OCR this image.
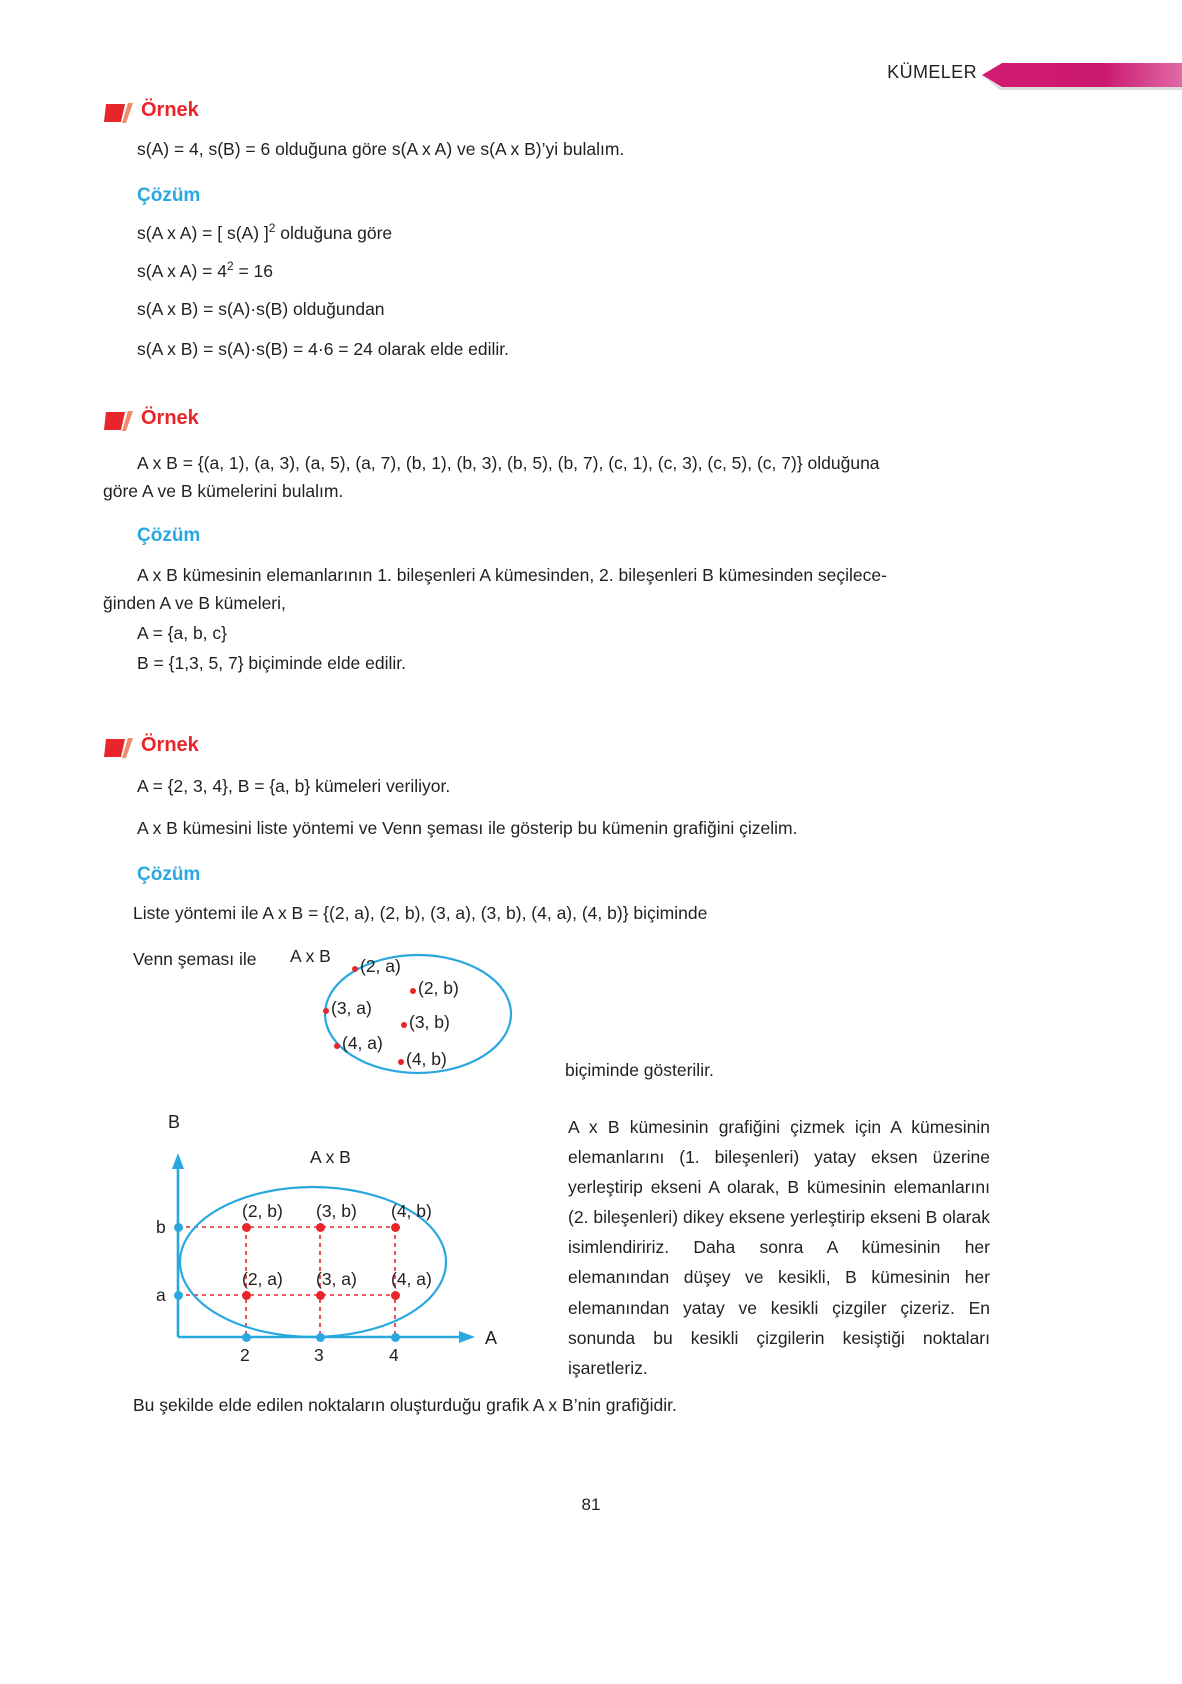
KÜMELER
Örnek
s(A) = 4, s(B) = 6 olduğuna göre s(A x A) ve s(A x B)’yi bulalım.
Çözüm
s(A x A) = [ s(A) ]$^2$ olduğuna göre
s(A x $A) = 4^2 = 16$
s(A x B) = s(A)·s(B) olduğundan
s(A x B) = s(A)·s(B) = 4·6 = 24 olarak elde edilir.
Örnek
A x B = {(a, 1), (a, 3), (a, 5), (a, 7), (b, 1), (b, 3), (b, 5), (b, 7), (c, 1), (c, 3), (c, 5), (c, 7)} olduğuna
göre A ve B kümelerini bulalım.
Çözüm
A x B kümesinin elemanlarının 1. bileşenleri A kümesinden, 2. bileşenleri B kümesinden seçilece-
ğinden A ve B kümeleri,
A = {a, b, c}
B = {1,3, 5, 7} biçiminde elde edilir.
Örnek
A = {2, 3, 4}, B = {a, b} kümeleri veriliyor.
A x B kümesini liste yöntemi ve Venn şeması ile gösterip bu kümenin grafiğini çizelim.
Çözüm
Liste yöntemi ile A x B = {(2, a), (2, b), (3, a), (3, b), (4, a), (4, b)} biçiminde
Venn şeması ile A x B (2, a)
(2, b)
(3, a)
(3, b)
(4, a)
(4, b)
biçiminde gösterilir.
B
A
A x B
b
a
2	3	4
(2, b) (3, b) (4, b)
(2, a) (3, a) (4, a)
A x B kümesinin grafiğini çizmek için A kümesinin elemanlarını (1. bileşenleri) yatay eksen üzerine yerleştirip ekseni A olarak, B kümesinin elemanlarını (2. bileşenleri) dikey eksene yerleştirip ekseni B olarak isimlendiririz. Daha sonra A kümesinin her elemanından düşey ve kesikli, B kümesinin her elemanından yatay ve kesikli çizgiler çizeriz. En sonunda bu kesikli çizgilerin kesiştiği noktaları işaretleriz.
Bu şekilde elde edilen noktaların oluşturduğu grafik A x B’nin grafiğidir.
81
